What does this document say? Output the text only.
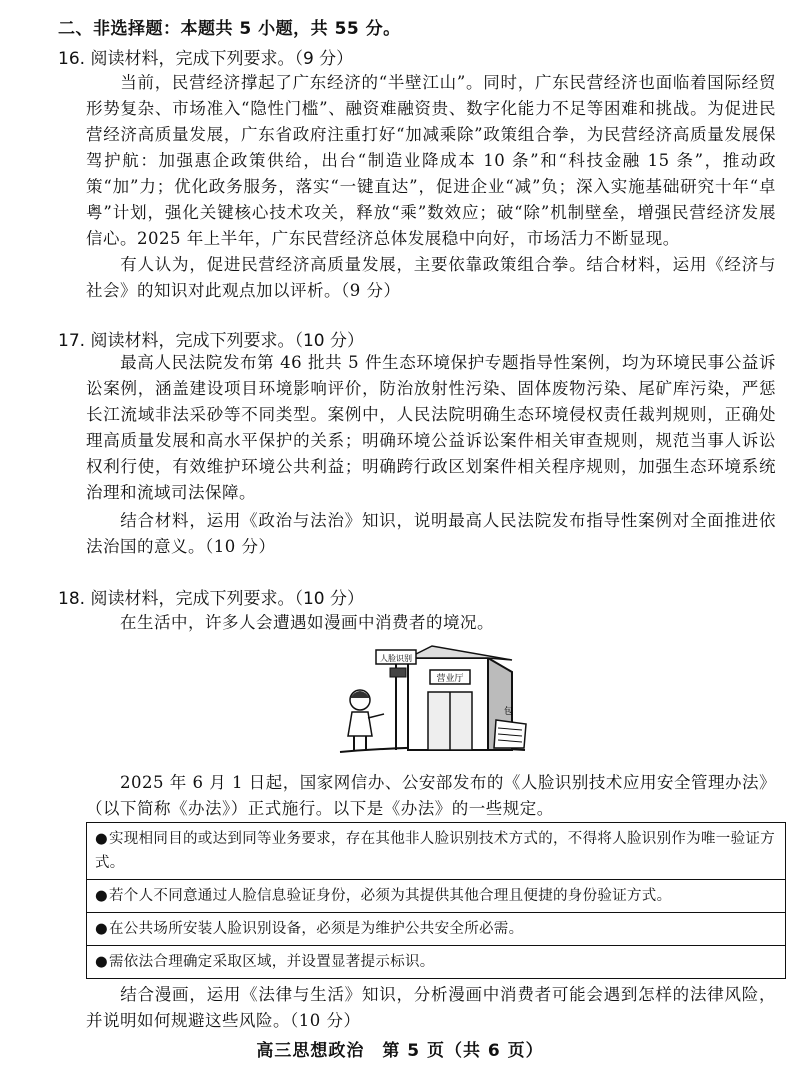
二、非选择题：本题共 5 小题，共 55 分。
16. 阅读材料，完成下列要求。（9 分）
当前，民营经济撑起了广东经济的“半壁江山”。同时，广东民营经济也面临着国际经贸形势复杂、市场准入“隐性门槛”、融资难融资贵、数字化能力不足等困难和挑战。为促进民营经济高质量发展，广东省政府注重打好“加减乘除”政策组合拳，为民营经济高质量发展保驾护航：加强惠企政策供给，出台“制造业降成本 10 条”和“科技金融 15 条”，推动政策“加”力；优化政务服务，落实“一键直达”，促进企业“减”负；深入实施基础研究十年“卓粤”计划，强化关键核心技术攻关，释放“乘”数效应；破“除”机制壁垒，增强民营经济发展信心。2025 年上半年，广东民营经济总体发展稳中向好，市场活力不断显现。
有人认为，促进民营经济高质量发展，主要依靠政策组合拳。结合材料，运用《经济与社会》的知识对此观点加以评析。（9 分）
17. 阅读材料，完成下列要求。（10 分）
最高人民法院发布第 46 批共 5 件生态环境保护专题指导性案例，均为环境民事公益诉讼案例，涵盖建设项目环境影响评价，防治放射性污染、固体废物污染、尾矿库污染，严惩长江流域非法采砂等不同类型。案例中，人民法院明确生态环境侵权责任裁判规则，正确处理高质量发展和高水平保护的关系；明确环境公益诉讼案件相关审查规则，规范当事人诉讼权利行使，有效维护环境公共利益；明确跨行政区划案件相关程序规则，加强生态环境系统治理和流域司法保障。
结合材料，运用《政治与法治》知识，说明最高人民法院发布指导性案例对全面推进依法治国的意义。（10 分）
18. 阅读材料，完成下列要求。（10 分）
在生活中，许多人会遭遇如漫画中消费者的境况。
营业厅
人脸识别
包
2025 年 6 月 1 日起，国家网信办、公安部发布的《人脸识别技术应用安全管理办法》（以下简称《办法》）正式施行。以下是《办法》的一些规定。
●实现相同目的或达到同等业务要求，存在其他非人脸识别技术方式的，不得将人脸识别作为唯一验证方式。
●若个人不同意通过人脸信息验证身份，必须为其提供其他合理且便捷的身份验证方式。
●在公共场所安装人脸识别设备，必须是为维护公共安全所必需。
●需依法合理确定采取区域，并设置显著提示标识。
结合漫画，运用《法律与生活》知识，分析漫画中消费者可能会遇到怎样的法律风险，并说明如何规避这些风险。（10 分）
高三思想政治　第 5 页（共 6 页）
